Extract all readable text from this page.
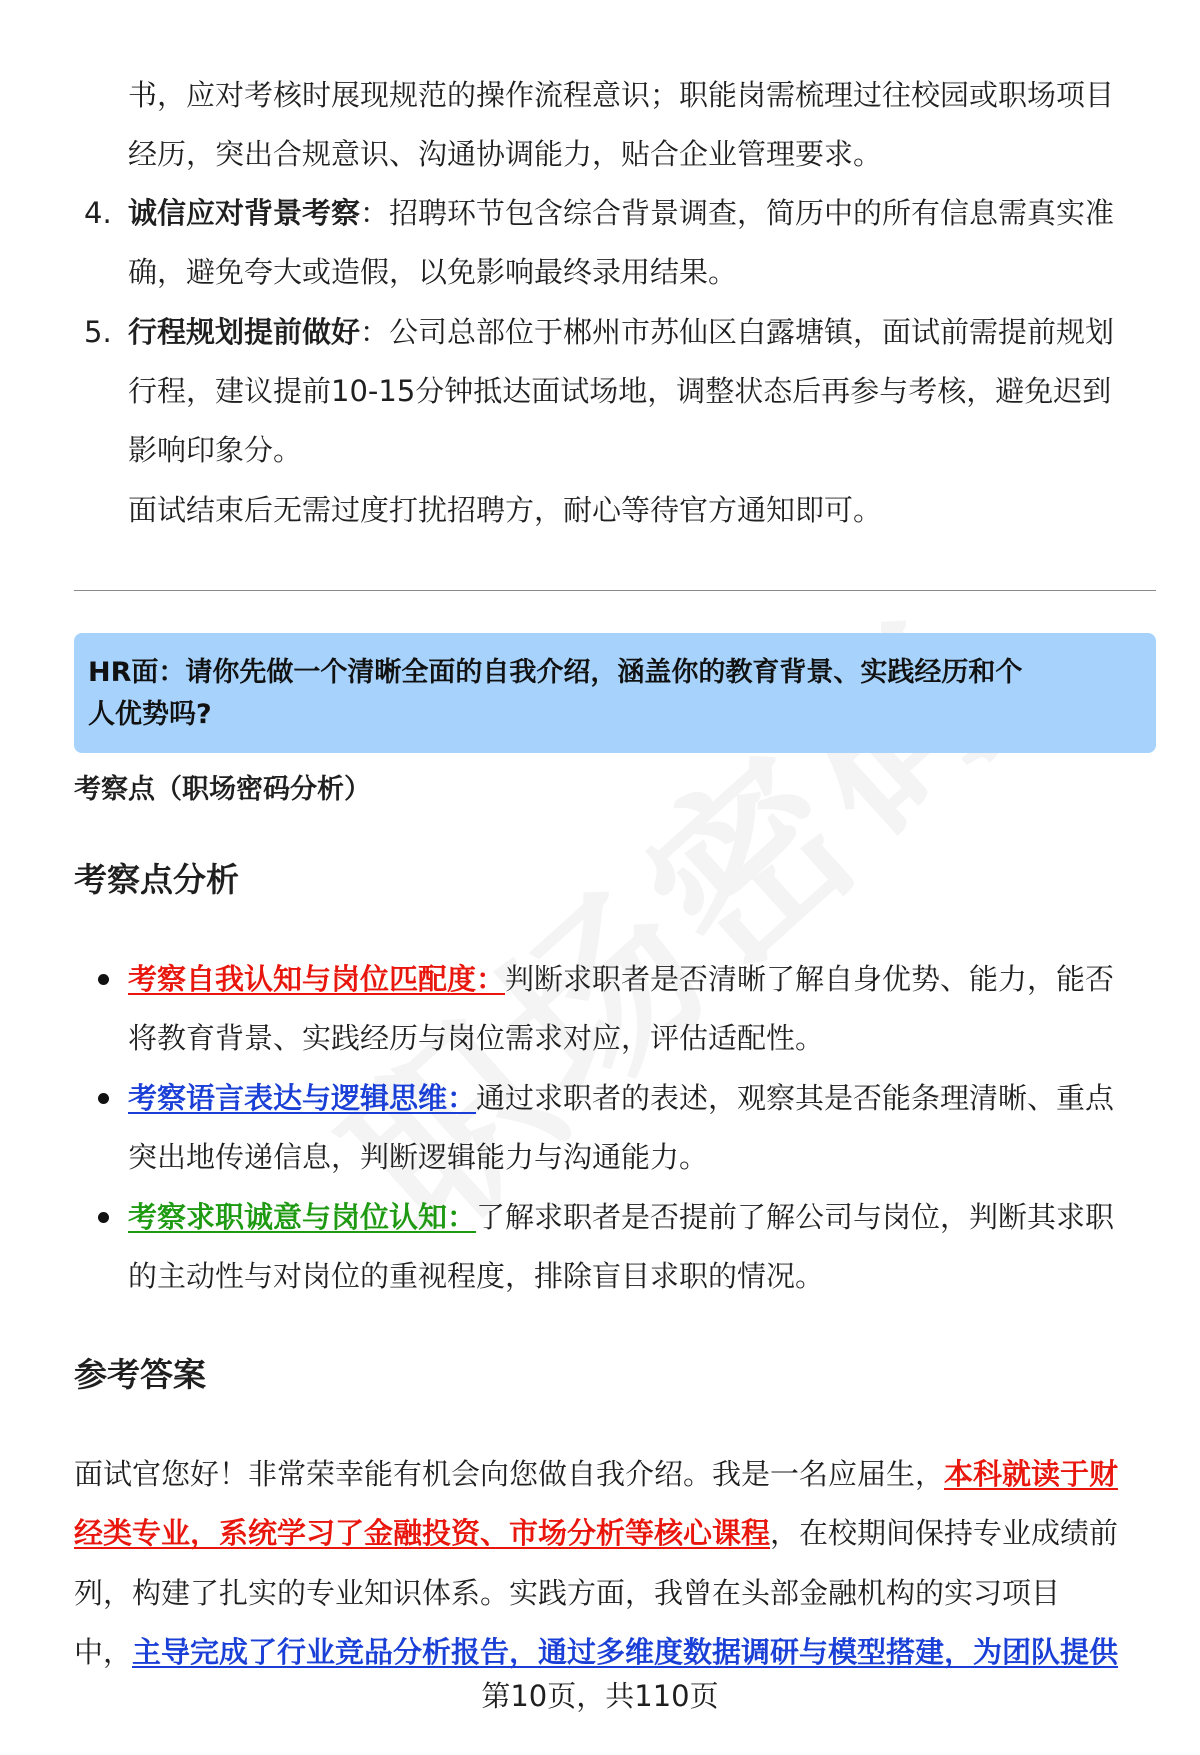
书，应对考核时展现规范的操作流程意识；职能岗需梳理过往校园或职场项目
经历，突出合规意识、沟通协调能力，贴合企业管理要求。
4. 诚信应对背景考察：招聘环节包含综合背景调查，简历中的所有信息需真实准
确，避免夸大或造假，以免影响最终录用结果。
5. 行程规划提前做好：公司总部位于郴州市苏仙区白露塘镇，面试前需提前规划
行程，建议提前10-15分钟抵达面试场地，调整状态后再参与考核，避免迟到
影响印象分。
面试结束后无需过度打扰招聘方，耐心等待官方通知即可。
HR面：请你先做一个清晰全面的自我介绍，涵盖你的教育背景、实践经历和个
人优势吗?
考察点（职场密码分析）
考察点分析
考察自我认知与岗位匹配度：判断求职者是否清晰了解自身优势、能力，能否
将教育背景、实践经历与岗位需求对应，评估适配性。
考察语言表达与逻辑思维：通过求职者的表述，观察其是否能条理清晰、重点
突出地传递信息，判断逻辑能力与沟通能力。
考察求职诚意与岗位认知：了解求职者是否提前了解公司与岗位，判断其求职
的主动性与对岗位的重视程度，排除盲目求职的情况。
参考答案
面试官您好！非常荣幸能有机会向您做自我介绍。我是一名应届生，本科就读于财
经类专业，系统学习了金融投资、市场分析等核心课程，在校期间保持专业成绩前
列，构建了扎实的专业知识体系。实践方面，我曾在头部金融机构的实习项目
中，主导完成了行业竞品分析报告，通过多维度数据调研与模型搭建，为团队提供
第10页，共110页
